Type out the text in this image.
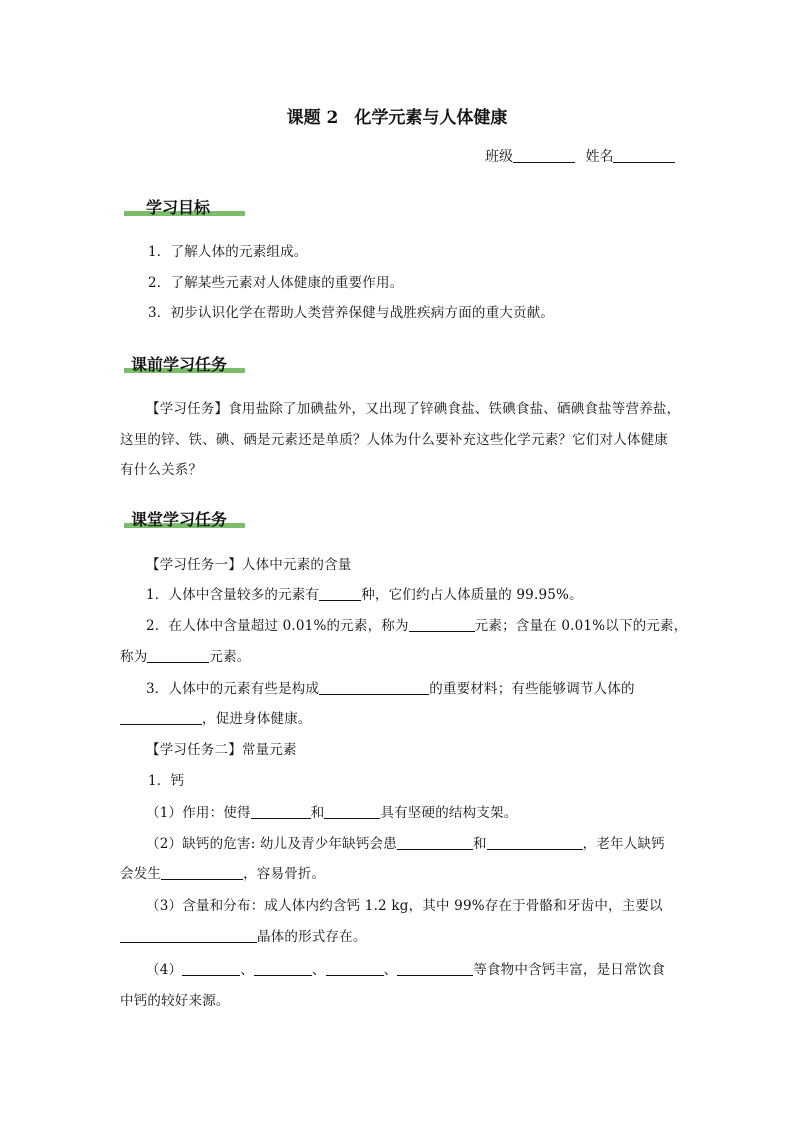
课题 2 化学元素与人体健康
班级	姓名
学习目标
1．了解人体的元素组成。
2．了解某些元素对人体健康的重要作用。
3．初步认识化学在帮助人类营养保健与战胜疾病方面的重大贡献。
课前学习任务
【学习任务】食用盐除了加碘盐外，又出现了锌碘食盐、铁碘食盐、硒碘食盐等营养盐，
这里的锌、铁、碘、硒是元素还是单质？人体为什么要补充这些化学元素？它们对人体健康
有什么关系？
课堂学习任务
【学习任务一】人体中元素的含量
1．人体中含量较多的元素有	种，它们约占人体质量的 99.95%。
2．在人体中含量超过 0.01%的元素，称为	元素；含量在 0.01%以下的元素，
称为	元素。
3．人体中的元素有些是构成	的重要材料；有些能够调节人体的
，促进身体健康。
【学习任务二】常量元素
1．钙
（1）作用：使得	和	具有坚硬的结构支架。
（2）缺钙的危害: 幼儿及青少年缺钙会患	和	，老年人缺钙
会发生	，容易骨折。
（3）含量和分布：成人体内约含钙 1.2 kg，其中 99%存在于骨骼和牙齿中，主要以
晶体的形式存在。
（4）	、	、	、	等食物中含钙丰富，是日常饮食
中钙的较好来源。
